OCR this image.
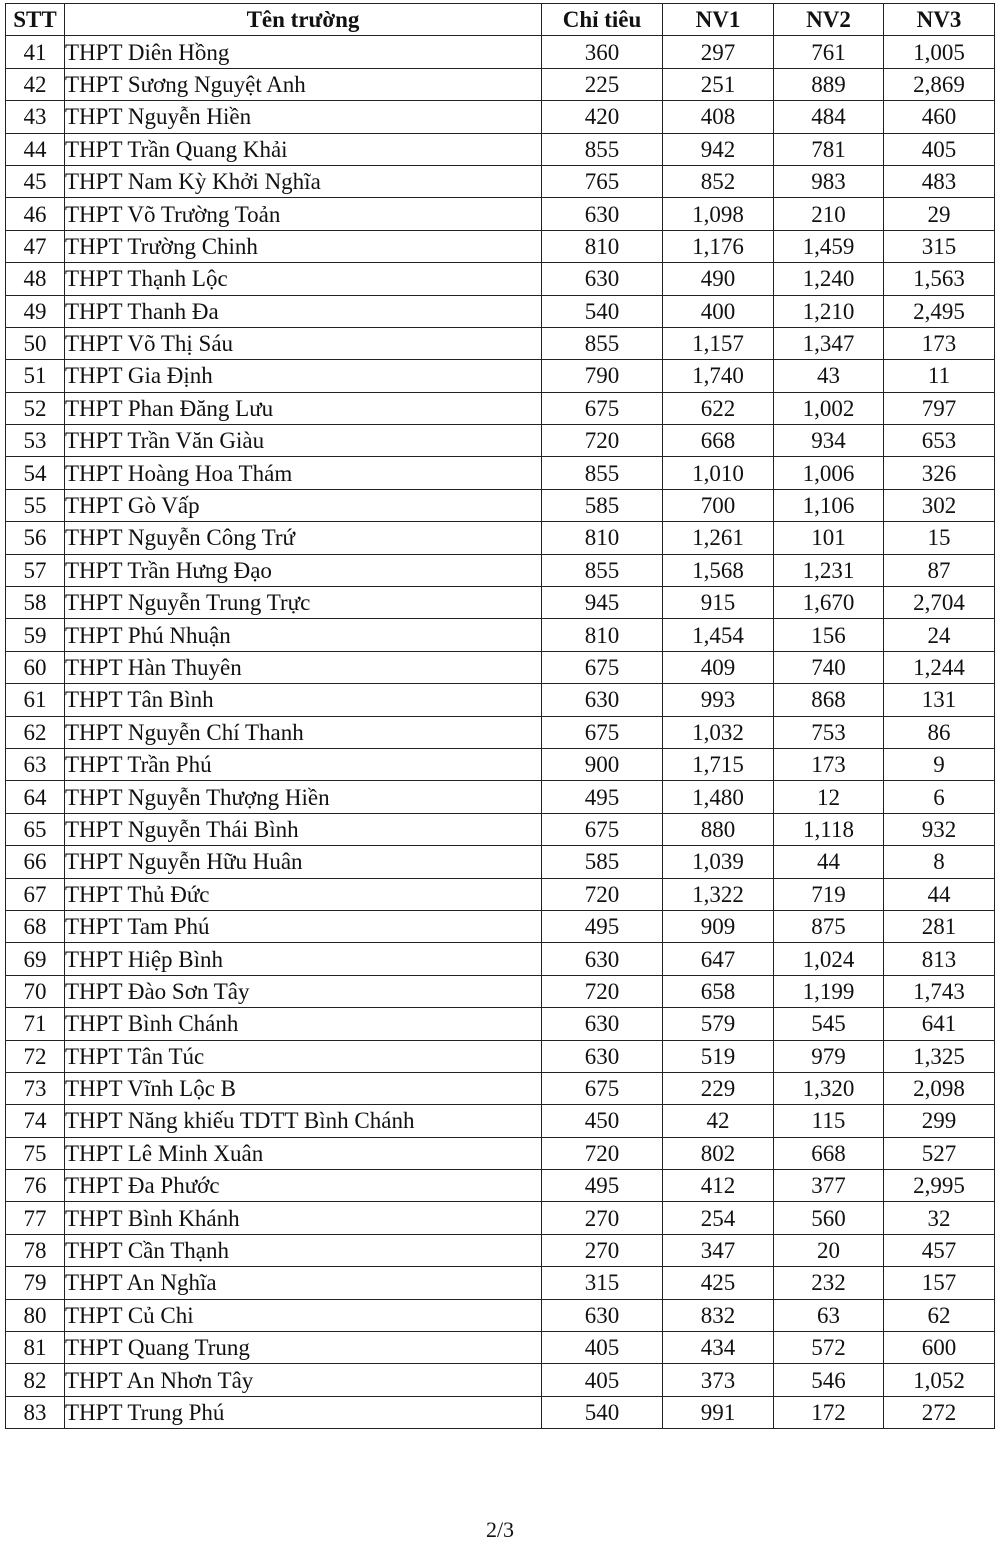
STT	Tên trường	Chỉ tiêu	NV1	NV2	NV3
41	THPT Diên Hồng	360	297	761	1,005
42	THPT Sương Nguyệt Anh	225	251	889	2,869
43	THPT Nguyễn Hiền	420	408	484	460
44	THPT Trần Quang Khải	855	942	781	405
45	THPT Nam Kỳ Khởi Nghĩa	765	852	983	483
46	THPT Võ Trường Toản	630	1,098	210	29
47	THPT Trường Chinh	810	1,176	1,459	315
48	THPT Thạnh Lộc	630	490	1,240	1,563
49	THPT Thanh Đa	540	400	1,210	2,495
50	THPT Võ Thị Sáu	855	1,157	1,347	173
51	THPT Gia Định	790	1,740	43	11
52	THPT Phan Đăng Lưu	675	622	1,002	797
53	THPT Trần Văn Giàu	720	668	934	653
54	THPT Hoàng Hoa Thám	855	1,010	1,006	326
55	THPT Gò Vấp	585	700	1,106	302
56	THPT Nguyễn Công Trứ	810	1,261	101	15
57	THPT Trần Hưng Đạo	855	1,568	1,231	87
58	THPT Nguyễn Trung Trực	945	915	1,670	2,704
59	THPT Phú Nhuận	810	1,454	156	24
60	THPT Hàn Thuyên	675	409	740	1,244
61	THPT Tân Bình	630	993	868	131
62	THPT Nguyễn Chí Thanh	675	1,032	753	86
63	THPT Trần Phú	900	1,715	173	9
64	THPT Nguyễn Thượng Hiền	495	1,480	12	6
65	THPT Nguyễn Thái Bình	675	880	1,118	932
66	THPT Nguyễn Hữu Huân	585	1,039	44	8
67	THPT Thủ Đức	720	1,322	719	44
68	THPT Tam Phú	495	909	875	281
69	THPT Hiệp Bình	630	647	1,024	813
70	THPT Đào Sơn Tây	720	658	1,199	1,743
71	THPT Bình Chánh	630	579	545	641
72	THPT Tân Túc	630	519	979	1,325
73	THPT Vĩnh Lộc B	675	229	1,320	2,098
74	THPT Năng khiếu TDTT Bình Chánh	450	42	115	299
75	THPT Lê Minh Xuân	720	802	668	527
76	THPT Đa Phước	495	412	377	2,995
77	THPT Bình Khánh	270	254	560	32
78	THPT Cần Thạnh	270	347	20	457
79	THPT An Nghĩa	315	425	232	157
80	THPT Củ Chi	630	832	63	62
81	THPT Quang Trung	405	434	572	600
82	THPT An Nhơn Tây	405	373	546	1,052
83	THPT Trung Phú	540	991	172	272
2/3
